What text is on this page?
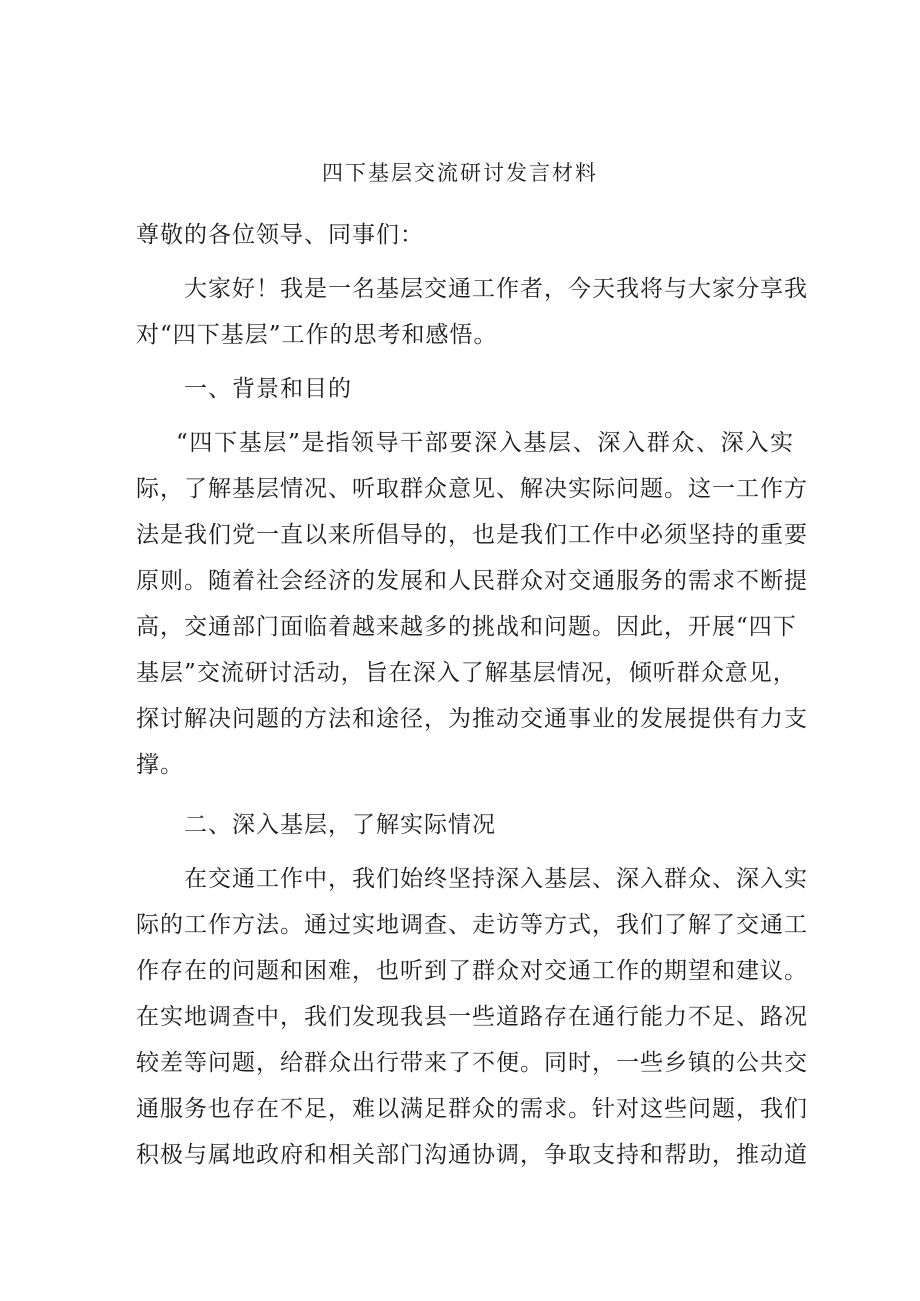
四下基层交流研讨发言材料
尊敬的各位领导、同事们：
大家好！我是一名基层交通工作者，今天我将与大家分享我
对“四下基层”工作的思考和感悟。
一、背景和目的
“四下基层”是指领导干部要深入基层、深入群众、深入实
际，了解基层情况、听取群众意见、解决实际问题。这一工作方
法是我们党一直以来所倡导的，也是我们工作中必须坚持的重要
原则。随着社会经济的发展和人民群众对交通服务的需求不断提
高，交通部门面临着越来越多的挑战和问题。因此，开展“四下
基层”交流研讨活动，旨在深入了解基层情况，倾听群众意见，
探讨解决问题的方法和途径，为推动交通事业的发展提供有力支
撑。
二、深入基层，了解实际情况
在交通工作中，我们始终坚持深入基层、深入群众、深入实
际的工作方法。通过实地调查、走访等方式，我们了解了交通工
作存在的问题和困难，也听到了群众对交通工作的期望和建议。
在实地调查中，我们发现我县一些道路存在通行能力不足、路况
较差等问题，给群众出行带来了不便。同时，一些乡镇的公共交
通服务也存在不足，难以满足群众的需求。针对这些问题，我们
积极与属地政府和相关部门沟通协调，争取支持和帮助，推动道
